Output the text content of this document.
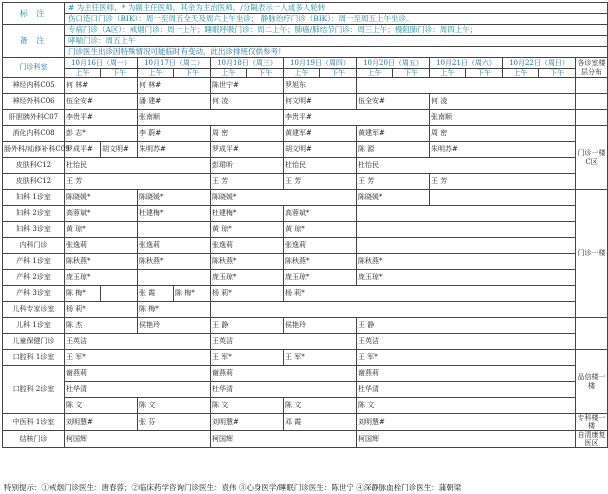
标 注	# 为主任医师，* 为副主任医师，其余为主治医师，/分隔表示一人或多人轮转															
	伤口造口门诊（BIK）：周一至周五全天及周六上午坐诊； 静脉治疗门诊（BIK）：周一至周五上午坐诊。															
备 注	专病门诊（A区）：戒烟门诊：周一上午；睡眠呼吸门诊：周二上午；肺癌/肺结节门诊：周三上午；慢阻肺门诊：周四上午；															
	哮喘门诊：周五上午															
	门诊医生出诊因特殊情况可能临时有变动，此出诊排班仅供参考！															
门诊科室	10月16日（周一）		10月17日（周二）		10月18日（周三）		10月19日（周四）		10月20日（周五）		10月21日（周六）		10月22日（周日）		各诊室楼层分布	
	上午	下午	上午	下午	上午	下午	上午	下午	上午	下午	上午	下午	上午	下午		
神经内科C05	何 林#		何 林#		陈世宁#		罗旭东									
神经外科C06	伍全安#		潘 建#		何 凌		何文明#		伍全安#		何 凌					
肝胆胰外科C07	李贵平#		张南顺				李贵平#				张南顺					
消化内科C08	彭 志*		李 蔚#		周 密		黄建军#		黄建军#		周 密				门诊一楼C区	
肠外科/疝修补科C09	罗成平#	胡文明#	朱明苏#		罗成平#		胡文明#		陈 源		朱明苏#					
皮肤科C12	杜怡民				彭珺昕		杜怡民		杜怡民							
皮肤科C12	王 芳				王 芳		王 芳		王 芳		王 芳					
妇科 1诊室	陈晓媛*		陈晓媛*		陈晓媛*				陈晓媛*						门诊一楼	
妇科 2诊室	高蓉斌*		杜建梅*		杜建梅*		高蓉斌*									
妇科 3诊室	黄 琼*				黄 琼*		黄 琼*									
内科门诊	张逸莉		张逸莉		张逸莉		张逸莉									
产科 1诊室	陈秋燕*		陈秋燕*		陈秋燕*		陈秋燕*		陈秋燕*							
产科 2诊室	庞玉琼*				庞玉琼*		庞玉琼*		庞玉琼*							
产科 3诊室	陈 梅*		张 霞	陈 梅*	杨 莉*		杨 莉*									
儿科专家诊室	杨 莉*		陈 梅*		
儿科 1诊室	陈 杰		侯艳玲		王 静		侯艳玲		王 静							
儿童保健门诊	王英洁				王英洁				王英洁							
口腔科 1诊室	王 军*				王 军*		王 军*		王 军*						品信楼一楼	
口腔科 2诊室	谢燕莉				谢燕莉				谢燕莉							
	杜华清				杜华清				杜华清							
	陈 文		陈 文		陈 文		陈 文		陈 文							
中医科 1诊室	刘明慧#		张 芬		刘明慧#		邓 霞		刘明慧#						专科楼一楼	
结核门诊	柯国辉				柯国辉				柯国辉						自清康复医区	
特别提示：①戒烟门诊医生：唐春蓉；②临床药学咨询门诊医生：袁伟 ③心身医学/睡眠门诊医生：陈世宁 ④深静脉血栓门诊医生：蒲朝梁
